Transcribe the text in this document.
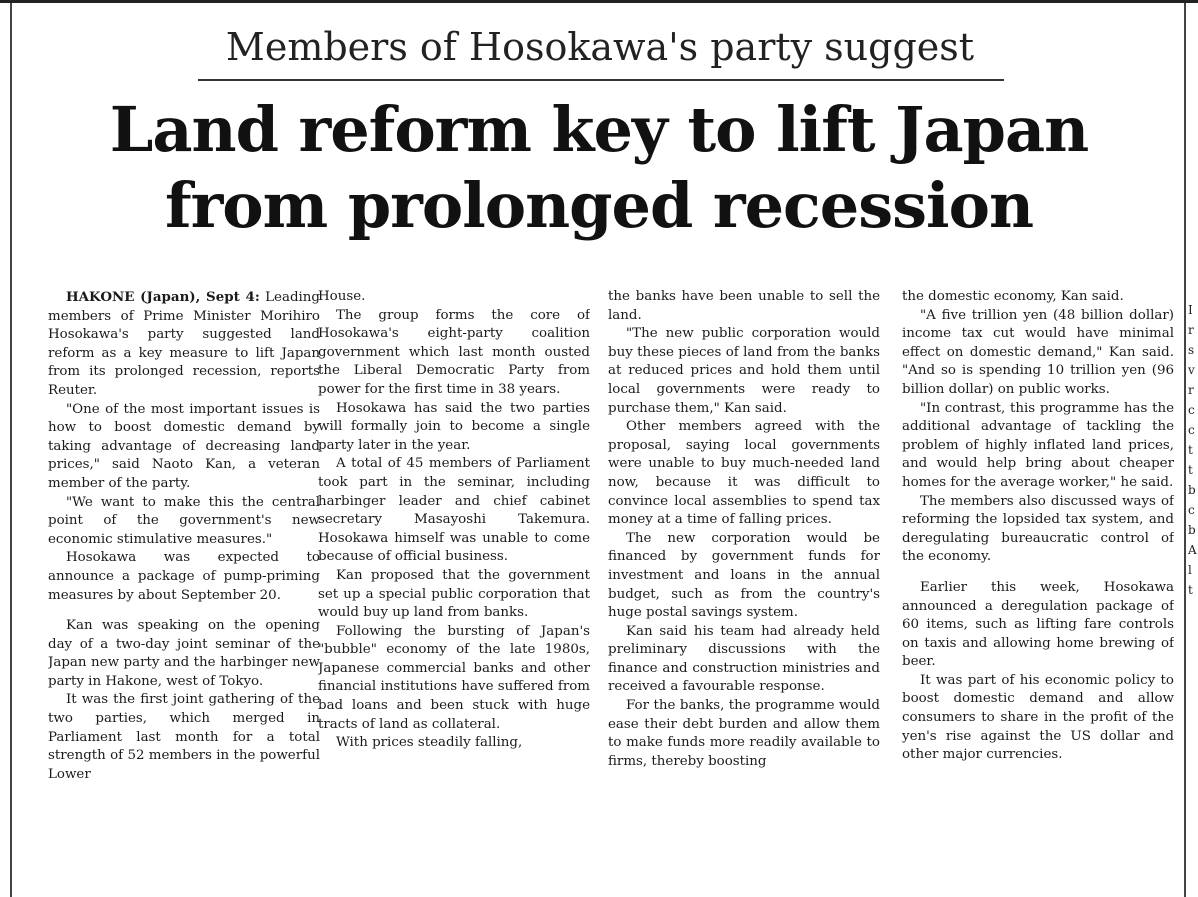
Members of Hosokawa's party suggest
Land reform key to lift Japan
from prolonged recession

HAKONE (Japan), Sept 4: Leading members of Prime Minister Morihiro Hosokawa's party suggested land reform as a key measure to lift Japan from its prolonged recession, reports Reuter.

"One of the most important issues is how to boost domestic demand by taking advantage of decreasing land prices," said Naoto Kan, a veteran member of the party.

"We want to make this the central point of the government's new economic stimulative measures."

Hosokawa was expected to announce a package of pump-priming measures by about September 20.

Kan was speaking on the opening day of a two-day joint seminar of the Japan new party and the harbinger new party in Hakone, west of Tokyo.

It was the first joint gathering of the two parties, which merged in Parliament last month for a total strength of 52 members in the powerful Lower

House.

The group forms the core of Hosokawa's eight-party coalition government which last month ousted the Liberal Democratic Party from power for the first time in 38 years.

Hosokawa has said the two parties will formally join to become a single party later in the year.

A total of 45 members of Parliament took part in the seminar, including harbinger leader and chief cabinet secretary Masayoshi Takemura. Hosokawa himself was unable to come because of official business.

Kan proposed that the government set up a special public corporation that would buy up land from banks.

Following the bursting of Japan's "bubble" economy of the late 1980s, Japanese commercial banks and other financial institutions have suffered from bad loans and been stuck with huge tracts of land as collateral.

With prices steadily falling,

the banks have been unable to sell the land.

"The new public corporation would buy these pieces of land from the banks at reduced prices and hold them until local governments were ready to purchase them," Kan said.

Other members agreed with the proposal, saying local governments were unable to buy much-needed land now, because it was difficult to convince local assemblies to spend tax money at a time of falling prices.

The new corporation would be financed by government funds for investment and loans in the annual budget, such as from the country's huge postal savings system.

Kan said his team had already held preliminary discussions with the finance and construction ministries and received a favourable response.

For the banks, the programme would ease their debt burden and allow them to make funds more readily available to firms, thereby boosting

the domestic economy, Kan said.

"A five trillion yen (48 billion dollar) income tax cut would have minimal effect on domestic demand," Kan said. "And so is spending 10 trillion yen (96 billion dollar) on public works.

"In contrast, this programme has the additional advantage of tackling the problem of highly inflated land prices, and would help bring about cheaper homes for the average worker," he said.

The members also discussed ways of reforming the lopsided tax system, and deregulating bureaucratic control of the economy.

Earlier this week, Hosokawa announced a deregulation package of 60 items, such as lifting fare controls on taxis and allowing home brewing of beer.

It was part of his economic policy to boost domestic demand and allow consumers to share in the profit of the yen's rise against the US dollar and other major currencies.

I
r
s
v
r
c
c
t
t
b
c
b
A
l
t
